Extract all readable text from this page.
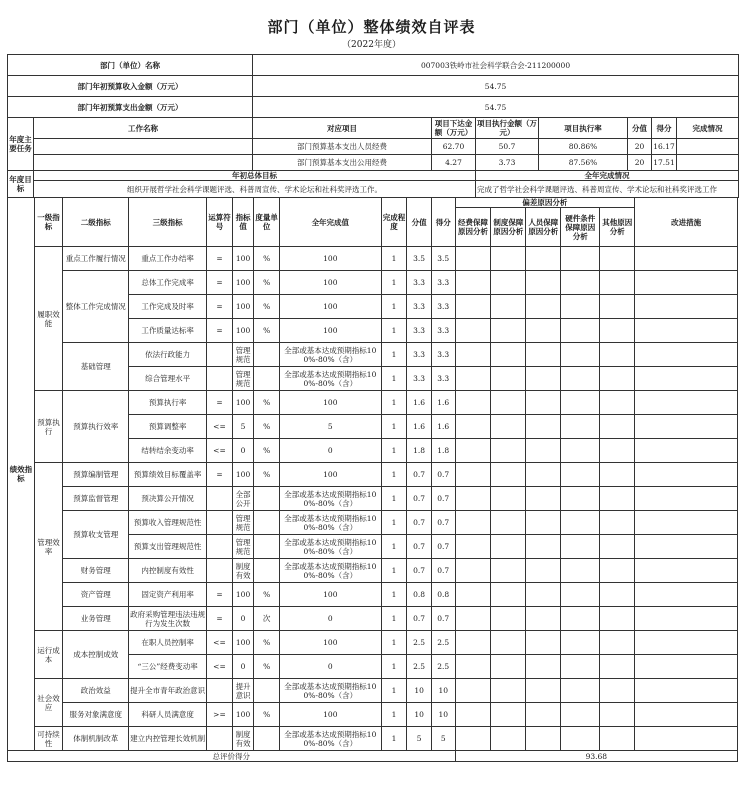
部门（单位）整体绩效自评表
（2022年度）
部门（单位）名称		007003铁岭市社会科学联合会-211200000						
部门年初预算收入金额（万元）		54.75						
部门年初预算支出金额（万元）		54.75						
年度主要任务	工作名称	对应项目	项目下达金额（万元）	项目执行金额（万元）	项目执行率	分值	得分	完成情况
		部门预算基本支出人员经费	62.70	50.7	80.86%	20	16.17	
		部门预算基本支出公用经费	4.27	3.73	87.56%	20	17.51	
年度目标	年初总体目标			全年完成情况				
	组织开展哲学社会科学课题评选、科普周宣传、学术论坛和社科奖评选工作。			完成了哲学社会科学课题评选、科普周宣传、学术论坛和社科奖评选工作				
绩效指标	一级指标	二级指标	三级指标	运算符号	指标值	度量单位	全年完成值	完成程度	分值	得分	偏差原因分析					改进措施
											经费保障原因分析	制度保障原因分析	人员保障原因分析	硬件条件保障原因分析	其他原因分析	
	履职效能	重点工作履行情况	重点工作办结率	=	100	%	100	1	3.5	3.5						
		整体工作完成情况	总体工作完成率	=	100	%	100	1	3.3	3.3						
			工作完成及时率	=	100	%	100	1	3.3	3.3						
			工作质量达标率	=	100	%	100	1	3.3	3.3						
		基础管理	依法行政能力		管理规范		全部或基本达成预期指标100%-80%（含）	1	3.3	3.3						
			综合管理水平		管理规范		全部或基本达成预期指标100%-80%（含）	1	3.3	3.3						
	预算执行	预算执行效率	预算执行率	=	100	%	100	1	1.6	1.6						
			预算调整率	<=	5	%	5	1	1.6	1.6						
			结转结余变动率	<=	0	%	0	1	1.8	1.8						
	管理效率	预算编制管理	预算绩效目标覆盖率	=	100	%	100	1	0.7	0.7						
		预算监督管理	预决算公开情况		全部公开		全部或基本达成预期指标100%-80%（含）	1	0.7	0.7						
		预算收支管理	预算收入管理规范性		管理规范		全部或基本达成预期指标100%-80%（含）	1	0.7	0.7						
			预算支出管理规范性		管理规范		全部或基本达成预期指标100%-80%（含）	1	0.7	0.7						
		财务管理	内控制度有效性		制度有效		全部或基本达成预期指标100%-80%（含）	1	0.7	0.7						
		资产管理	固定资产利用率	=	100	%	100	1	0.8	0.8						
		业务管理	政府采购管理违法违规行为发生次数	=	0	次	0	1	0.7	0.7						
	运行成本	成本控制成效	在职人员控制率	<=	100	%	100	1	2.5	2.5						
			“三公”经费变动率	<=	0	%	0	1	2.5	2.5						
	社会效应	政治效益	提升全市青年政治意识		提升意识		全部或基本达成预期指标100%-80%（含）	1	10	10						
		服务对象满意度	科研人员满意度	>=	100	%	100	1	10	10						
	可持续性	体制机制改革	建立内控管理长效机制		制度有效		全部或基本达成预期指标100%-80%（含）	1	5	5						
总评价得分	93.68
